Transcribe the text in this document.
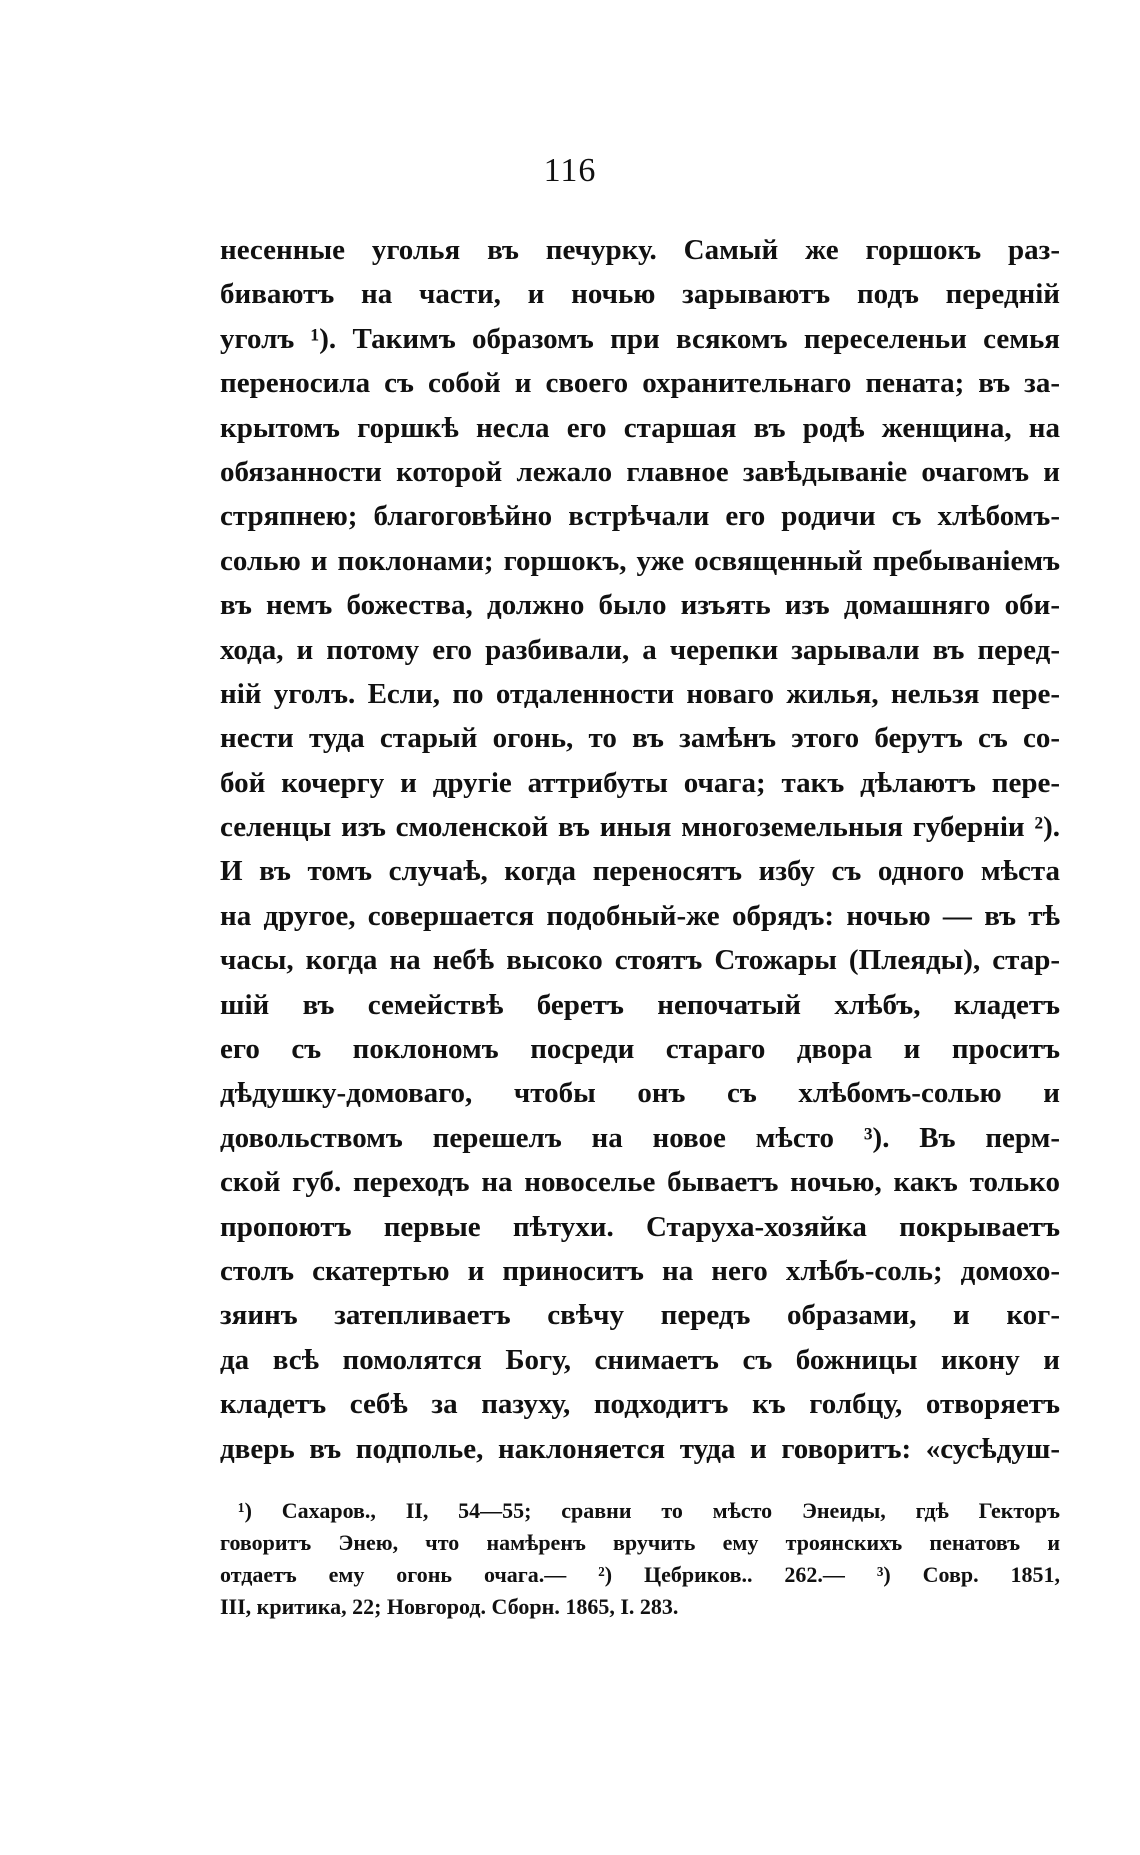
116
несенные уголья въ печурку. Самый же горшокъ раз-
биваютъ на части, и ночью зарываютъ подъ передній
уголъ ¹). Такимъ образомъ при всякомъ переселеньи семья
переносила съ собой и своего охранительнаго пената; въ за-
крытомъ горшкѣ несла его старшая въ родѣ женщина, на
обязанности которой лежало главное завѣдываніе очагомъ и
стряпнею; благоговѣйно встрѣчали его родичи съ хлѣбомъ-
солью и поклонами; горшокъ, уже освященный пребываніемъ
въ немъ божества, должно было изъять изъ домашняго оби-
хода, и потому его разбивали, а черепки зарывали въ перед-
ній уголъ. Если, по отдаленности новаго жилья, нельзя пере-
нести туда старый огонь, то въ замѣнъ этого берутъ съ со-
бой кочергу и другіе аттрибуты очага; такъ дѣлаютъ пере-
селенцы изъ смоленской въ иныя многоземельныя губерніи ²).
И въ томъ случаѣ, когда переносятъ избу съ одного мѣста
на другое, совершается подобный-же обрядъ: ночью — въ тѣ
часы, когда на небѣ высоко стоятъ Стожары (Плеяды), стар-
шій въ семействѣ беретъ непочатый хлѣбъ, кладетъ
его съ поклономъ посреди стараго двора и проситъ
дѣдушку-домоваго, чтобы онъ съ хлѣбомъ-солью и
довольствомъ перешелъ на новое мѣсто ³). Въ перм-
ской губ. переходъ на новоселье бываетъ ночью, какъ только
пропоютъ первые пѣтухи. Старуха-хозяйка покрываетъ
столъ скатертью и приноситъ на него хлѣбъ-соль; домохо-
зяинъ затепливаетъ свѣчу передъ образами, и ког-
да всѣ помолятся Богу, снимаетъ съ божницы икону и
кладетъ себѣ за пазуху, подходитъ къ голбцу, отворяетъ
дверь въ подполье, наклоняется туда и говоритъ: «сусѣдуш-
¹) Сахаров., II, 54—55; сравни то мѣсто Энеиды, гдѣ Гекторъ
говоритъ Энею, что намѣренъ вручить ему троянскихъ пенатовъ и
отдаетъ ему огонь очага.— ²) Цебриков.. 262.— ³) Совр. 1851,
III, критика, 22; Новгород. Сборн. 1865, I. 283.
